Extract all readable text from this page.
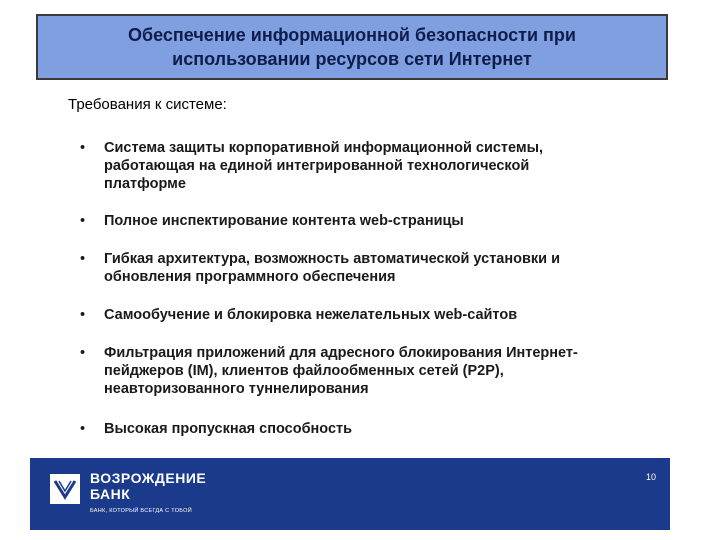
Обеспечение информационной безопасности при
использовании ресурсов сети Интернет
Требования к системе:
•	Система защиты корпоративной информационной системы,
работающая на единой интегрированной технологической
платформе
•	Полное инспектирование контента web-страницы
•	Гибкая архитектура, возможность автоматической установки и
обновления программного обеспечения
•	Самообучение и блокировка нежелательных web-сайтов
•	Фильтрация приложений для адресного блокирования Интернет-
пейджеров (IM), клиентов файлообменных сетей (P2P),
неавторизованного туннелирования
•	Высокая пропускная способность
ВОЗРОЖДЕНИЕ
БАНК
БАНК, КОТОРЫЙ ВСЕГДА С ТОБОЙ
10
